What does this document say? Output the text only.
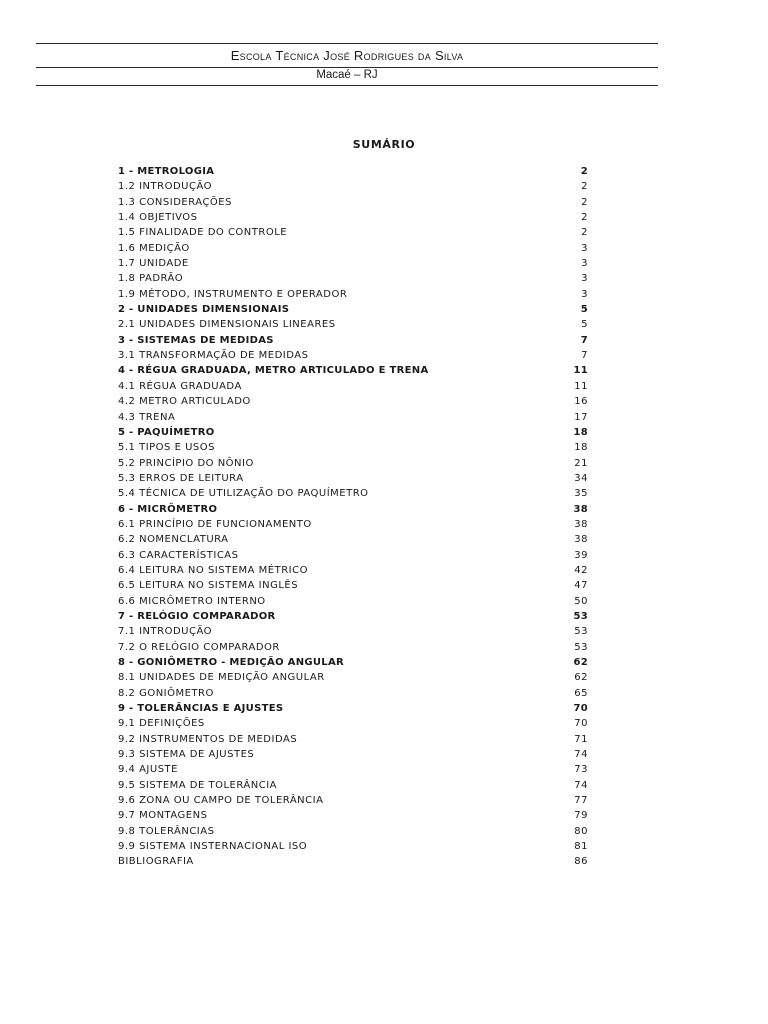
Escola Técnica José Rodrigues da Silva
Macaé – RJ
SUMÁRIO
1 - METROLOGIA	2
1.2 INTRODUÇÃO	2
1.3 CONSIDERAÇÕES	2
1.4 OBJETIVOS	2
1.5 FINALIDADE DO CONTROLE	2
1.6 MEDIÇÃO	3
1.7 UNIDADE	3
1.8 PADRÃO	3
1.9 MÉTODO, INSTRUMENTO E OPERADOR	3
2 - UNIDADES DIMENSIONAIS	5
2.1 UNIDADES DIMENSIONAIS LINEARES	5
3 - SISTEMAS DE MEDIDAS	7
3.1 TRANSFORMAÇÃO DE MEDIDAS	7
4 - RÉGUA GRADUADA, METRO ARTICULADO E TRENA	11
4.1 RÉGUA GRADUADA	11
4.2 METRO ARTICULADO	16
4.3 TRENA	17
5 - PAQUÍMETRO	18
5.1 TIPOS E USOS	18
5.2 PRINCÍPIO DO NÔNIO	21
5.3 ERROS DE LEITURA	34
5.4 TÉCNICA DE UTILIZAÇÃO DO PAQUÍMETRO	35
6 - MICRÔMETRO	38
6.1 PRINCÍPIO DE FUNCIONAMENTO	38
6.2 NOMENCLATURA	38
6.3 CARACTERÍSTICAS	39
6.4 LEITURA NO SISTEMA MÉTRICO	42
6.5 LEITURA NO SISTEMA INGLÊS	47
6.6 MICRÔMETRO INTERNO	50
7 - RELÓGIO COMPARADOR	53
7.1 INTRODUÇÃO	53
7.2 O RELÓGIO COMPARADOR	53
8 - GONIÔMETRO - MEDIÇÃO ANGULAR	62
8.1 UNIDADES DE MEDIÇÃO ANGULAR	62
8.2 GONIÔMETRO	65
9 - TOLERÂNCIAS E AJUSTES	70
9.1 DEFINIÇÕES	70
9.2 INSTRUMENTOS DE MEDIDAS	71
9.3 SISTEMA DE AJUSTES	74
9.4 AJUSTE	73
9.5 SISTEMA DE TOLERÂNCIA	74
9.6 ZONA OU CAMPO DE TOLERÂNCIA	77
9.7 MONTAGENS	79
9.8 TOLERÂNCIAS	80
9.9 SISTEMA INSTERNACIONAL ISO	81
BIBLIOGRAFIA	86
